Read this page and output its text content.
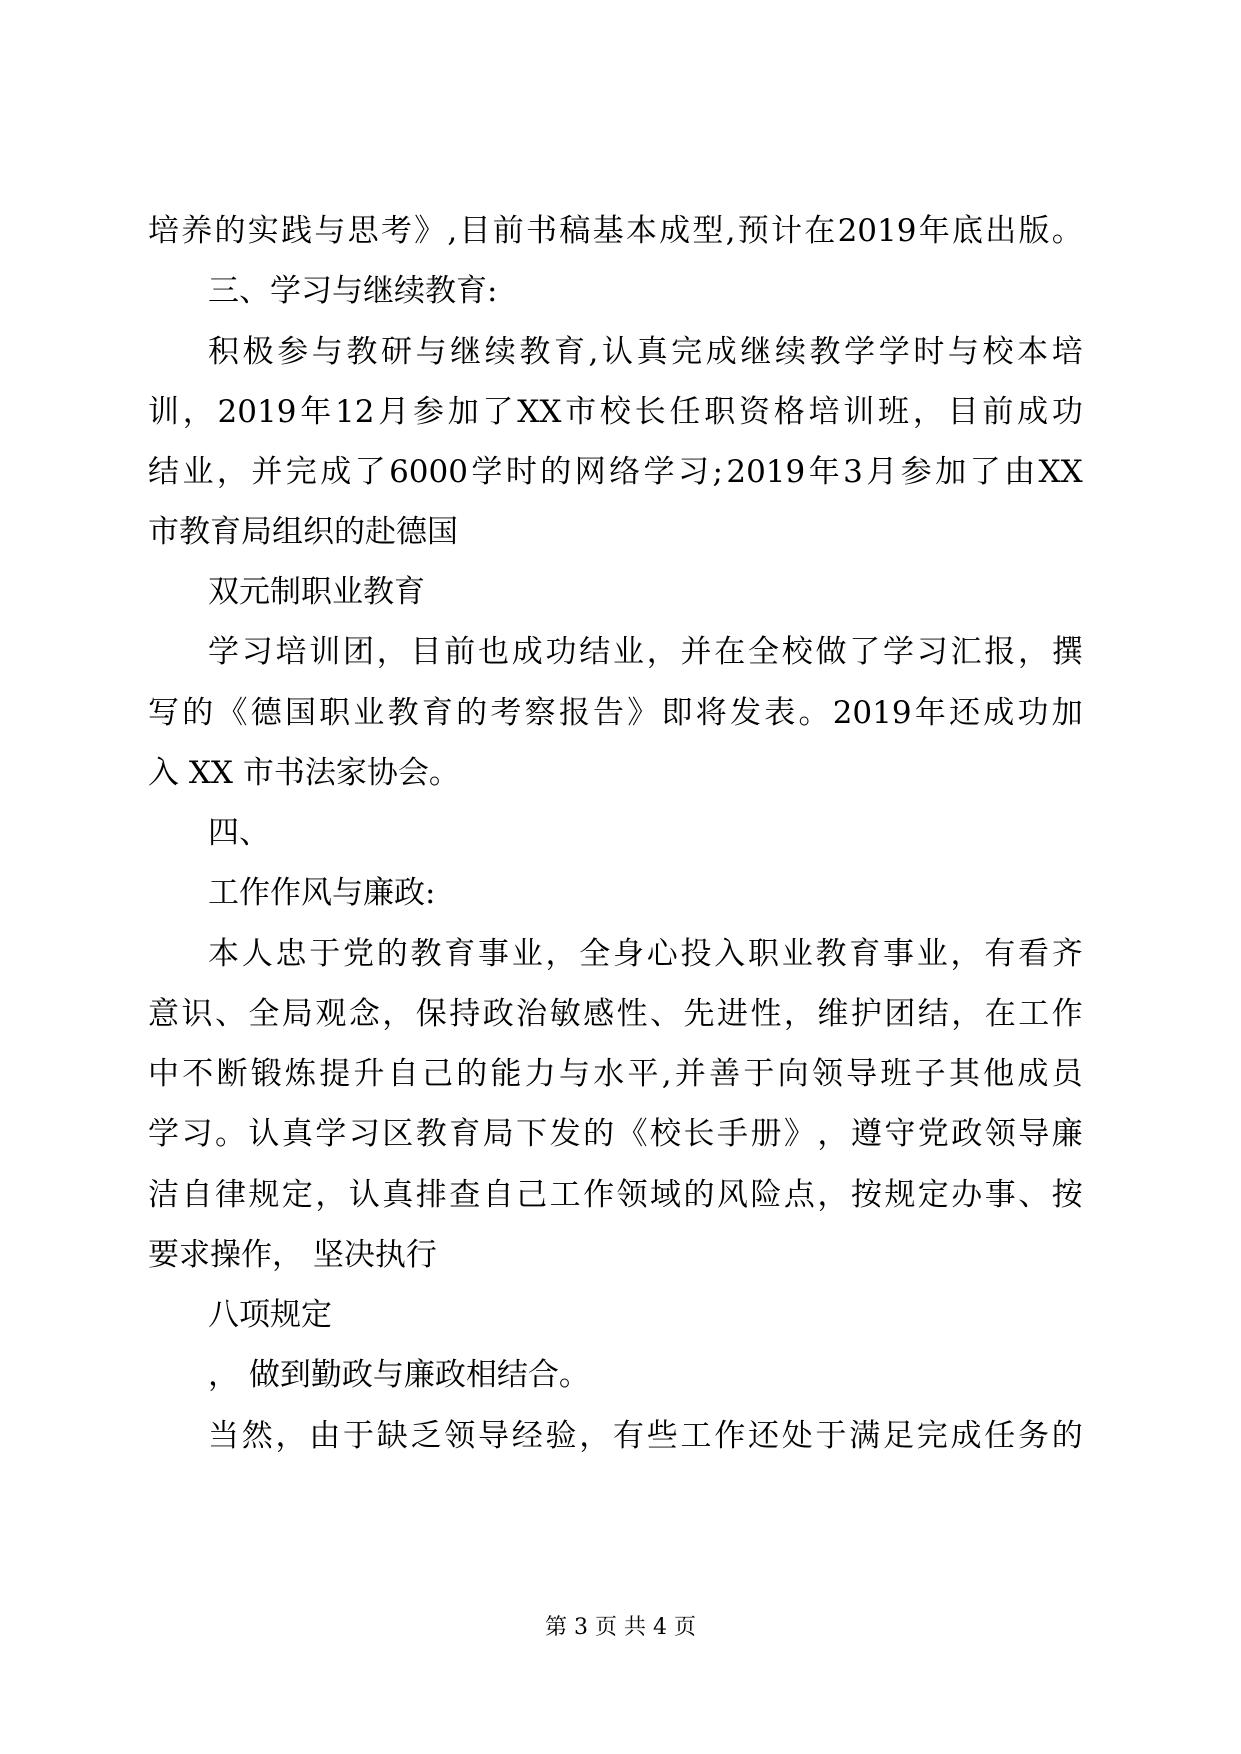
培 养 的 实 践 与 思 考 》 , 目 前 书 稿 基 本 成 型 , 预 计 在 2019 年 底 出 版 。
三、学习与继续教育:
积 极 参 与 教 研 与 继 续 教 育 , 认 真 完 成 继 续 教 学 学 时 与 校 本 培
训 ， 2019 年 12 月 参 加 了 XX 市 校 长 任 职 资 格 培 训 班 ， 目 前 成 功
结 业 ， 并 完 成 了 6000 学 时 的 网 络 学 习 ; 2019 年 3 月 参 加 了 由 XX
市教育局组织的赴德国
双元制职业教育
学 习 培 训 团 ， 目 前 也 成 功 结 业 ， 并 在 全 校 做 了 学 习 汇 报 ， 撰
写 的 《 德 国 职 业 教 育 的 考 察 报 告 》 即 将 发 表 。 2019 年 还 成 功 加
入 XX 市书法家协会。
四、
工作作风与廉政:
本 人 忠 于 党 的 教 育 事 业 ， 全 身 心 投 入 职 业 教 育 事 业 ， 有 看 齐
意 识 、 全 局 观 念 ， 保 持 政 治 敏 感 性 、 先 进 性 ， 维 护 团 结 ， 在 工 作
中 不 断 锻 炼 提 升 自 己 的 能 力 与 水 平 , 并 善 于 向 领 导 班 子 其 他 成 员
学 习 。 认 真 学 习 区 教 育 局 下 发 的 《 校 长 手 册 》 ， 遵 守 党 政 领 导 廉
洁 自 律 规 定 ， 认 真 排 查 自 己 工 作 领 域 的 风 险 点 ， 按 规 定 办 事 、 按
要求操作， 坚决执行
八项规定
， 做到勤政与廉政相结合。
当 然 ， 由 于 缺 乏 领 导 经 验 ， 有 些 工 作 还 处 于 满 足 完 成 任 务 的
第 3 页 共 4 页
